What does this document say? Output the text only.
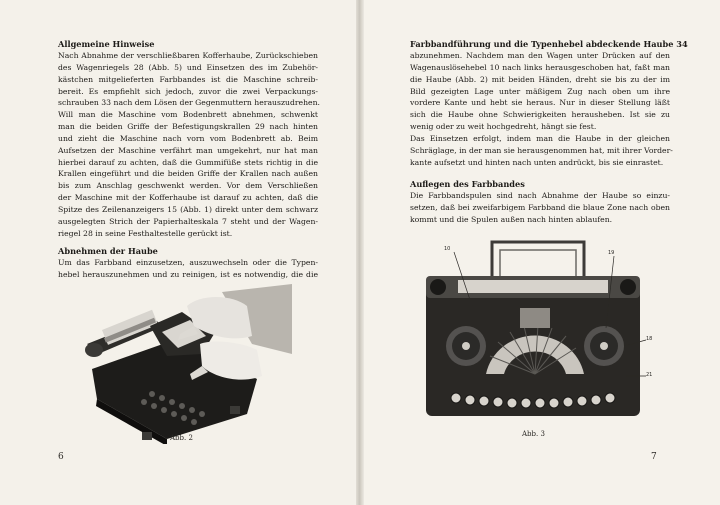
Allgemeine Hinweise

Nach Abnahme der verschließbaren Kofferhaube, Zurückschieben
des Wagenriegels 28 (Abb. 5) und Einsetzen des im Zubehör-
kästchen mitgelieferten Farbbandes ist die Maschine schreib-
bereit. Es empfiehlt sich jedoch, zuvor die zwei Verpackungs-
schrauben 33 nach dem Lösen der Gegenmuttern herauszudrehen.
Will man die Maschine vom Bodenbrett abnehmen, schwenkt
man die beiden Griffe der Befestigungskrallen 29 nach hinten
und zieht die Maschine nach vorn vom Bodenbrett ab. Beim
Aufsetzen der Maschine verfährt man umgekehrt, nur hat man
hierbei darauf zu achten, daß die Gummifüße stets richtig in die
Krallen eingeführt und die beiden Griffe der Krallen nach außen
bis zum Anschlag geschwenkt werden. Vor dem Verschließen
der Maschine mit der Kofferhaube ist darauf zu achten, daß die
Spitze des Zeilenanzeigers 15 (Abb. 1) direkt unter dem schwarz
ausgelegten Strich der Papierhalteskala 7 steht und der Wagen-
riegel 28 in seine Festhaltestelle gerückt ist.

Abnehmen der Haube

Um das Farbband einzusetzen, auszuwechseln oder die Typen-
hebel herauszunehmen und zu reinigen, ist es notwendig, die die

Abb. 2
6

Farbbandführung und die Typenhebel abdeckende Haube 34

abzunehmen. Nachdem man den Wagen unter Drücken auf den
Wagenauslösehebel 10 nach links herausgeschoben hat, faßt man
die Haube (Abb. 2) mit beiden Händen, dreht sie bis zu der im
Bild gezeigten Lage unter mäßigem Zug nach oben um ihre
vordere Kante und hebt sie heraus. Nur in dieser Stellung läßt
sich die Haube ohne Schwierigkeiten herausheben. Ist sie zu
wenig oder zu weit hochgedreht, hängt sie fest.

Das Einsetzen erfolgt, indem man die Haube in der gleichen
Schräglage, in der man sie herausgenommen hat, mit ihrer Vorder-
kante aufsetzt und hinten nach unten andrückt, bis sie einrastet.

Auflegen des Farbbandes

Die Farbbandspulen sind nach Abnahme der Haube so einzu-
setzen, daß bei zweifarbigem Farbband die blaue Zone nach oben
kommt und die Spulen außen nach hinten ablaufen.

10
19
18
21
Abb. 3
7
